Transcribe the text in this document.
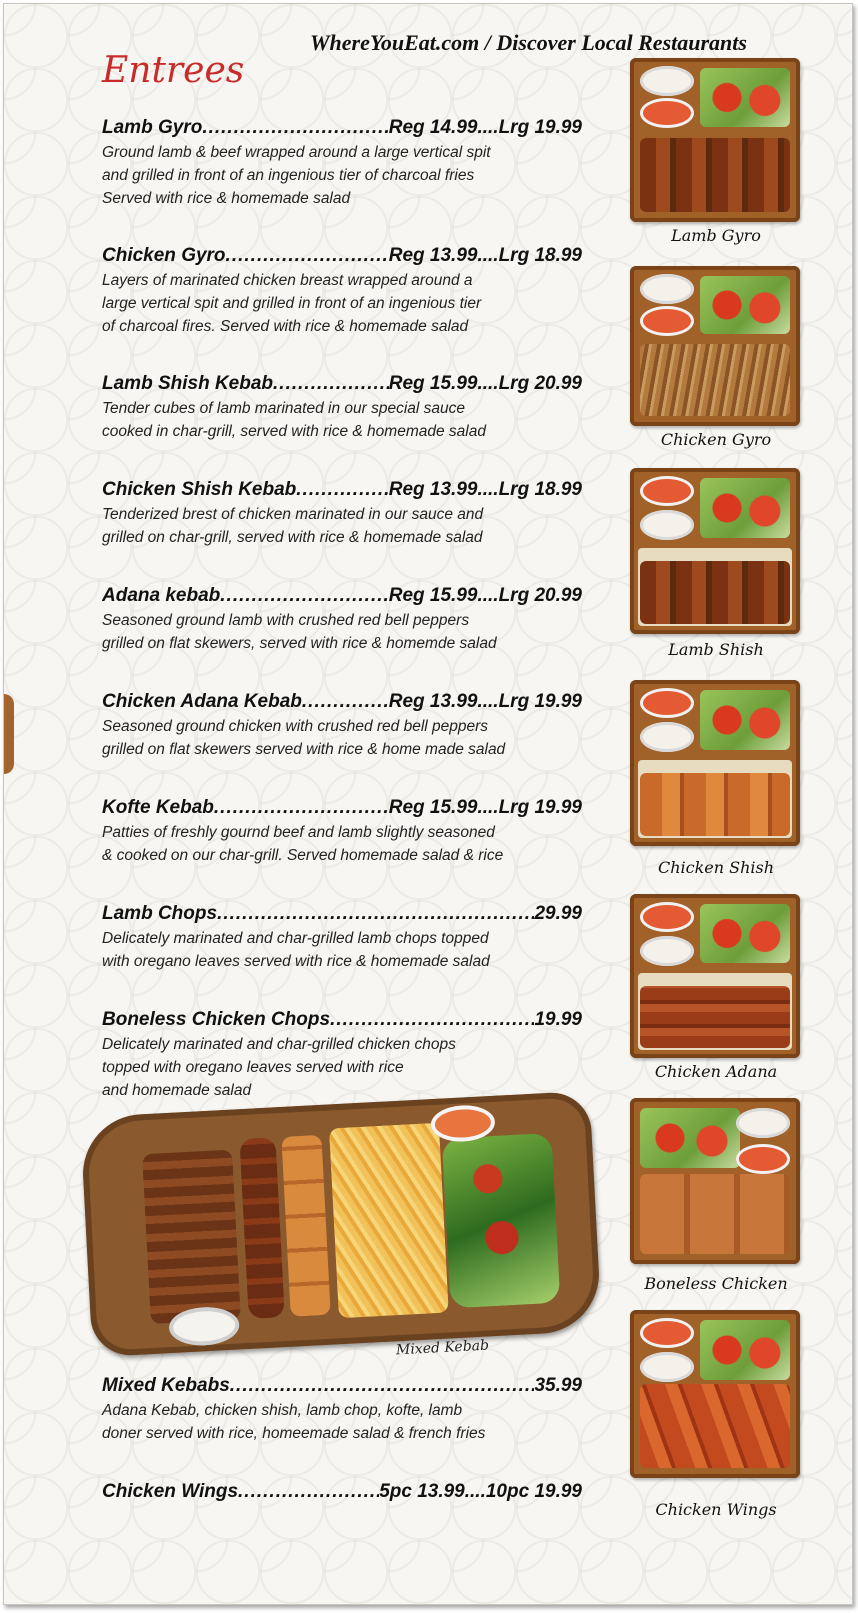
WhereYouEat.com / Discover Local Restaurants
Entrees
Lamb Gyro .....	Reg 14.99....Lrg 19.99
Ground lamb & beef wrapped around a large vertical spit
and grilled in front of an ingenious tier of charcoal fries
Served with rice & homemade salad
Chicken Gyro .....	Reg 13.99....Lrg 18.99
Layers of marinated chicken breast wrapped around a
large vertical spit and grilled in front of an ingenious tier
of charcoal fires. Served with rice & homemade salad
Lamb Shish Kebab .....	Reg 15.99....Lrg 20.99
Tender cubes of lamb marinated in our special sauce
cooked in char-grill, served with rice & homemade salad
Chicken Shish Kebab .....	Reg 13.99....Lrg 18.99
Tenderized brest of chicken marinated in our sauce and
grilled on char-grill, served with rice & homemade salad
Adana kebab .....	Reg 15.99....Lrg 20.99
Seasoned ground lamb with crushed red bell peppers
grilled on flat skewers, served with rice & homemde salad
Chicken Adana Kebab .....	Reg 13.99....Lrg 19.99
Seasoned ground chicken with crushed red bell peppers
grilled on flat skewers served with rice & home made salad
Kofte Kebab .....	Reg 15.99....Lrg 19.99
Patties of freshly gournd beef and lamb slightly seasoned
& cooked on our char-grill. Served homemade salad & rice
Lamb Chops .....	29.99
Delicately marinated and char-grilled lamb chops topped
with oregano leaves served with rice & homemade salad
Boneless Chicken Chops .....	19.99
Delicately marinated and char-grilled chicken chops
topped with oregano leaves served with rice
and homemade salad
Mixed Kebab
Mixed Kebabs .....	35.99
Adana Kebab, chicken shish, lamb chop, kofte, lamb
doner served with rice, homeemade salad & french fries
Chicken Wings .....	5pc 13.99....10pc 19.99
Lamb Gyro
Chicken Gyro
Lamb Shish
Chicken Shish
Chicken Adana
Boneless Chicken
Chicken Wings
